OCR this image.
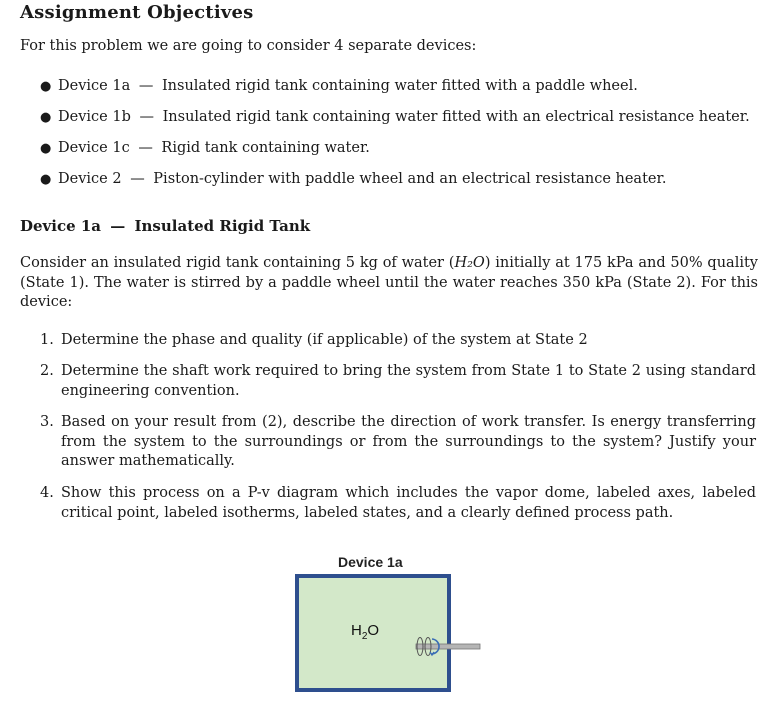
Assignment Objectives
For this problem we are going to consider 4 separate devices:
● Device 1a — Insulated rigid tank containing water fitted with a paddle wheel.
● Device 1b — Insulated rigid tank containing water fitted with an electrical resistance heater.
● Device 1c — Rigid tank containing water.
● Device 2 — Piston-cylinder with paddle wheel and an electrical resistance heater.
Device 1a — Insulated Rigid Tank
Consider an insulated rigid tank containing 5 kg of water (H₂O) initially at 175 kPa and 50% quality (State 1). The water is stirred by a paddle wheel until the water reaches 350 kPa (State 2). For this device:
1. Determine the phase and quality (if applicable) of the system at State 2
2. Determine the shaft work required to bring the system from State 1 to State 2 using standard engineering convention.
3. Based on your result from (2), describe the direction of work transfer. Is energy transferring from the system to the surroundings or from the surroundings to the system? Justify your answer mathematically.
4. Show this process on a P-v diagram which includes the vapor dome, labeled axes, labeled critical point, labeled isotherms, labeled states, and a clearly defined process path.
Device 1a
$H_2O$
